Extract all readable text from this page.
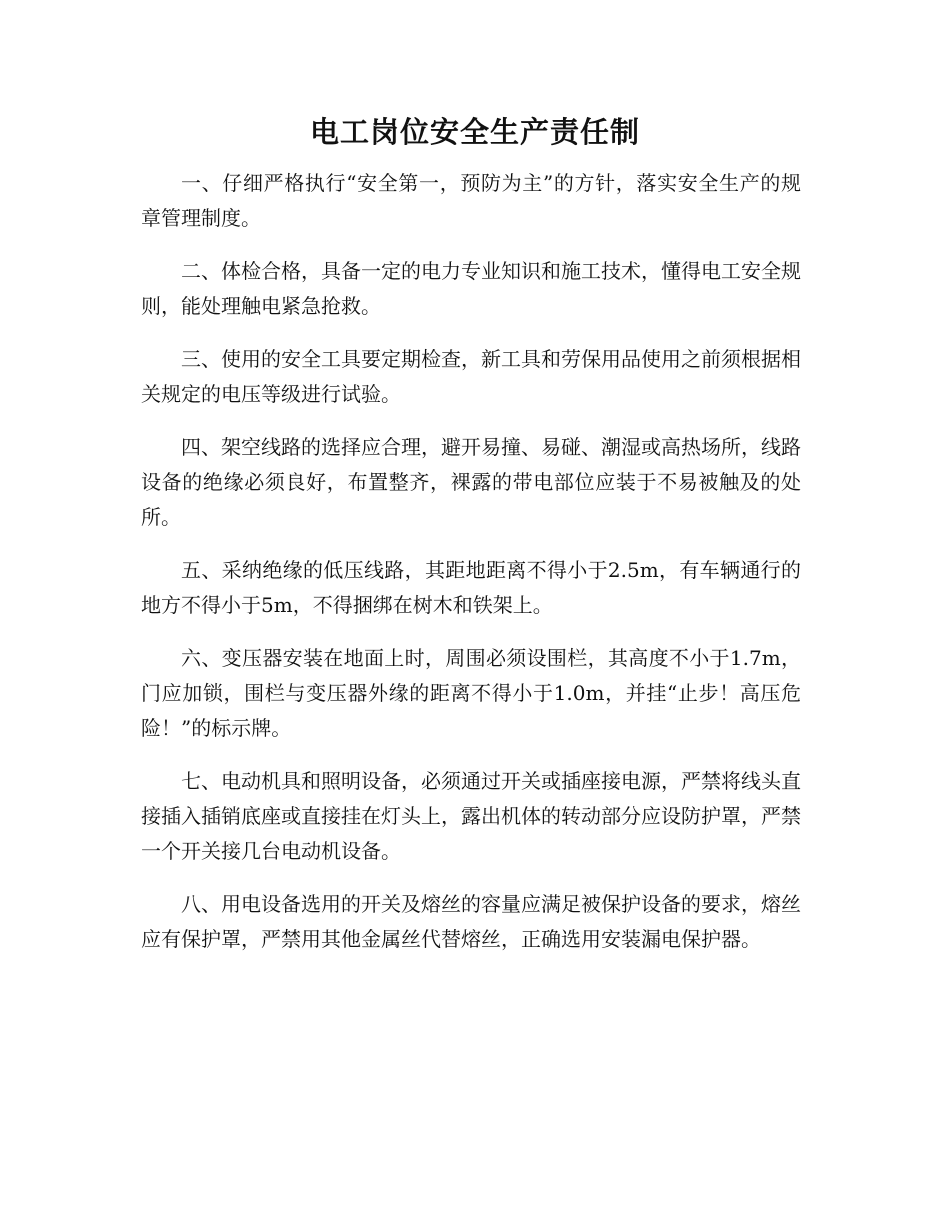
电工岗位安全生产责任制

一、仔细严格执行“安全第一，预防为主”的方针，落实安全生产的规章管理制度。

二、体检合格，具备一定的电力专业知识和施工技术，懂得电工安全规则，能处理触电紧急抢救。

三、使用的安全工具要定期检查，新工具和劳保用品使用之前须根据相关规定的电压等级进行试验。

四、架空线路的选择应合理，避开易撞、易碰、潮湿或高热场所，线路设备的绝缘必须良好，布置整齐，裸露的带电部位应装于不易被触及的处所。

五、采纳绝缘的低压线路，其距地距离不得小于2.5m，有车辆通行的地方不得小于5m，不得捆绑在树木和铁架上。

六、变压器安装在地面上时，周围必须设围栏，其高度不小于1.7m，门应加锁，围栏与变压器外缘的距离不得小于1.0m，并挂“止步！高压危险！”的标示牌。

七、电动机具和照明设备，必须通过开关或插座接电源，严禁将线头直接插入插销底座或直接挂在灯头上，露出机体的转动部分应设防护罩，严禁一个开关接几台电动机设备。

八、用电设备选用的开关及熔丝的容量应满足被保护设备的要求，熔丝应有保护罩，严禁用其他金属丝代替熔丝，正确选用安装漏电保护器。
